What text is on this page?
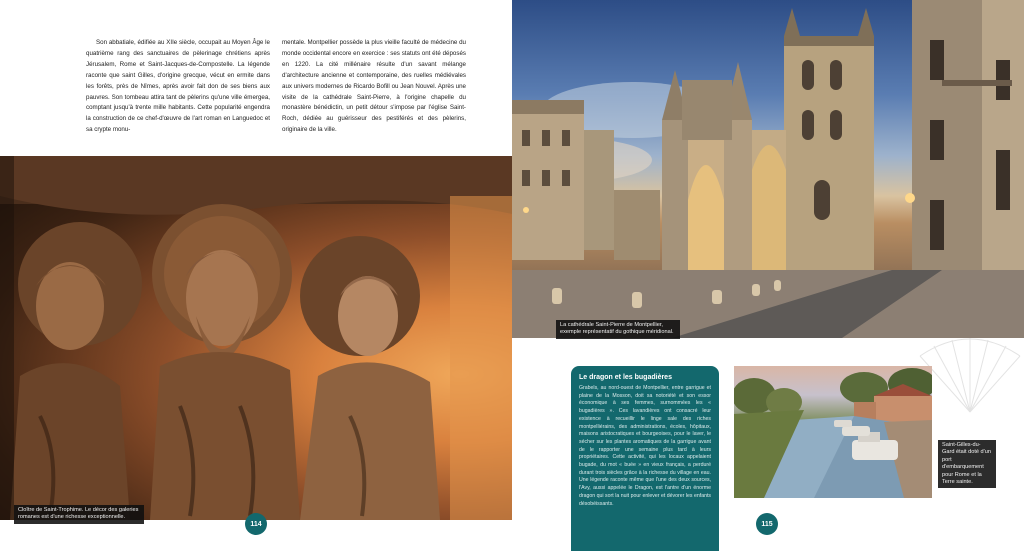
Son abbatiale, édifiée au XIIe siècle, occupait au Moyen Âge le quatrième rang des sanctuaires de pèlerinage chrétiens après Jérusalem, Rome et Saint-Jacques-de-Compostelle. La légende raconte que saint Gilles, d'origine grecque, vécut en ermite dans les forêts, près de Nîmes, après avoir fait don de ses biens aux pauvres. Son tombeau attira tant de pèlerins qu'une ville émergea, comptant jusqu'à trente mille habitants. Cette popularité engendra la construction de ce chef-d'œuvre de l'art roman en Languedoc et sa crypte monu-

mentale. Montpellier possède la plus vieille faculté de médecine du monde occidental encore en exercice : ses statuts ont été déposés en 1220. La cité millénaire résulte d'un savant mélange d'architecture ancienne et contemporaine, des ruelles médiévales aux univers modernes de Ricardo Bofill ou Jean Nouvel. Après une visite de la cathédrale Saint-Pierre, à l'origine chapelle du monastère bénédictin, un petit détour s'impose par l'église Saint-Roch, dédiée au guérisseur des pestiférés et des pèlerins, originaire de la ville.

Cloître de Saint-Trophime. Le décor des galeries romanes est d'une richesse exceptionnelle.
114
La cathédrale Saint-Pierre de Montpellier, exemple représentatif du gothique méridional.
Le dragon et les bugadières

Grabels, au nord-ouest de Montpellier, entre garrigue et plaine de la Mosson, doit sa notoriété et son essor économique à ses femmes, surnommées les « bugadières ». Ces lavandières ont consacré leur existence à recueillir le linge sale des riches montpelliérains, des administrations, écoles, hôpitaux, maisons aristocratiques et bourgeoises, pour le laver, le sécher sur les plantes aromatiques de la garrigue avant de le rapporter une semaine plus tard à leurs propriétaires. Cette activité, qui les locaux appelaient bugade, du mot « buée » en vieux français, a perduré durant trois siècles grâce à la richesse du village en eau. Une légende raconte même que l'une des deux sources, l'Avy, aussi appelée le Dragon, est l'antre d'un énorme dragon qui sort la nuit pour enlever et dévorer les enfants désobéissants.

Saint-Gilles-du-Gard était doté d'un port d'embarquement pour Rome et la Terre sainte.
115
